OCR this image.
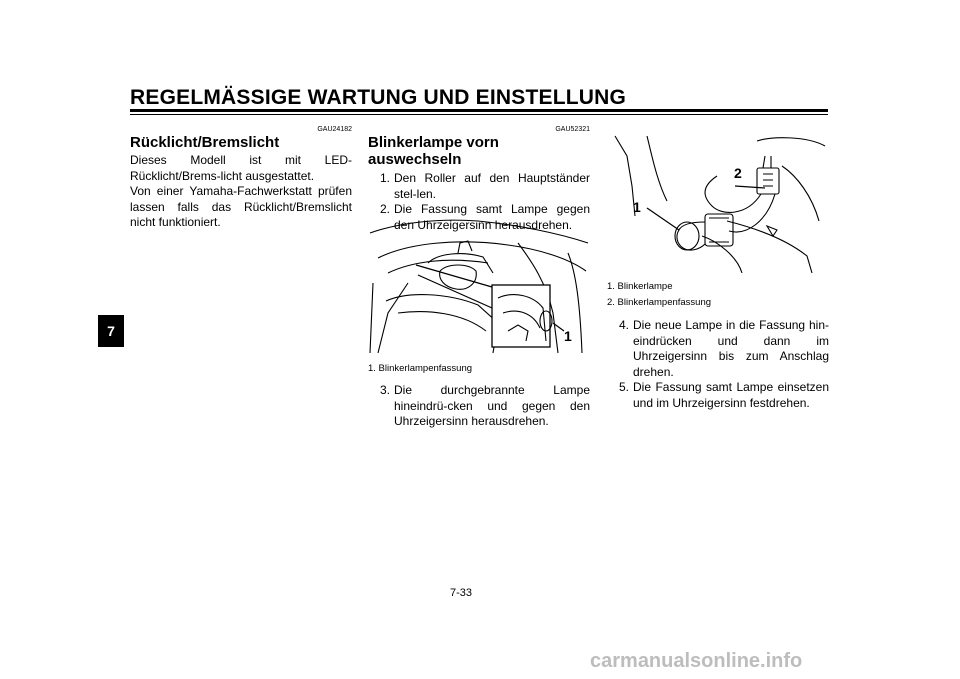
REGELMÄSSIGE WARTUNG UND EINSTELLUNG
7
GAU24182
Rücklicht/Bremslicht
Dieses Modell ist mit LED-Rücklicht/Brems-licht ausgestattet.
Von einer Yamaha-Fachwerkstatt prüfen lassen falls das Rücklicht/Bremslicht nicht funktioniert.
GAU52321
Blinkerlampe vorn auswechseln
1. Den Roller auf den Hauptständer stel-len.
2. Die Fassung samt Lampe gegen den Uhrzeigersinn herausdrehen.
1
1. Blinkerlampenfassung
3. Die durchgebrannte Lampe hineindrü-cken und gegen den Uhrzeigersinn herausdrehen.
1
2
1. Blinkerlampe
2. Blinkerlampenfassung
4. Die neue Lampe in die Fassung hin-eindrücken und dann im Uhrzeigersinn bis zum Anschlag drehen.
5. Die Fassung samt Lampe einsetzen und im Uhrzeigersinn festdrehen.
7-33
carmanualsonline.info
